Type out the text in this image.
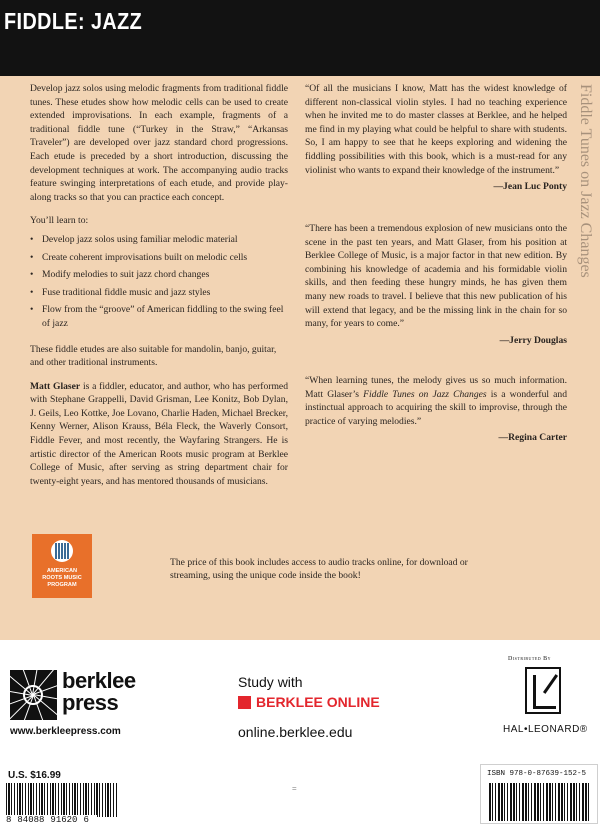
FIDDLE: JAZZ
Fiddle Tunes on Jazz Changes

Develop jazz solos using melodic fragments from traditional fiddle tunes. These etudes show how melodic cells can be used to create extended improvisations. In each example, fragments of a traditional fiddle tune (“Turkey in the Straw,” “Arkansas Traveler”) are developed over jazz standard chord progressions. Each etude is preceded by a short introduction, discussing the development techniques at work. The accompanying audio tracks feature swinging interpretations of each etude, and provide play-along tracks so that you can practice each concept.

You’ll learn to:

• Develop jazz solos using familiar melodic material
• Create coherent improvisations built on melodic cells
• Modify melodies to suit jazz chord changes
• Fuse traditional fiddle music and jazz styles
• Flow from the “groove” of American fiddling to the swing feel of jazz

These fiddle etudes are also suitable for mandolin, banjo, guitar, and other traditional instruments.

Matt Glaser is a fiddler, educator, and author, who has performed with Stephane Grappelli, David Grisman, Lee Konitz, Bob Dylan, J. Geils, Leo Kottke, Joe Lovano, Charlie Haden, Michael Brecker, Kenny Werner, Alison Krauss, Béla Fleck, the Waverly Consort, Fiddle Fever, and most recently, the Wayfaring Strangers. He is artistic director of the American Roots music program at Berklee College of Music, after serving as string department chair for twenty-eight years, and has mentored thousands of musicians.

“Of all the musicians I know, Matt has the widest knowledge of different non-classical violin styles. I had no teaching experience when he invited me to do master classes at Berklee, and he helped me find in my playing what could be helpful to share with students. So, I am happy to see that he keeps exploring and widening the fiddling possibilities with this book, which is a must-read for any violinist who wants to expand their knowledge of the instrument.”

—Jean Luc Ponty

“There has been a tremendous explosion of new musicians onto the scene in the past ten years, and Matt Glaser, from his position at Berklee College of Music, is a major factor in that new edition. By combining his knowledge of academia and his formidable violin skills, and then feeding these hungry minds, he has given them many new roads to travel. I believe that this new publication of his will extend that legacy, and be the missing link in the chain for so many, for years to come.”

—Jerry Douglas

“When learning tunes, the melody gives us so much information. Matt Glaser’s Fiddle Tunes on Jazz Changes is a wonderful and instinctual approach to acquiring the skill to improvise, through the practice of varying melodies.”

—Regina Carter

AMERICAN
ROOTS MUSIC
PROGRAM

The price of this book includes access to audio tracks online, for download or streaming, using the unique code inside the book!

berklee
press
www.berkleepress.com
Study with
BERKLEE ONLINE
online.berklee.edu
Distributed By
HAL•LEONARD®
U.S. $16.99
8 84088 91620 6
=
ISBN 978-0-87639-152-5
